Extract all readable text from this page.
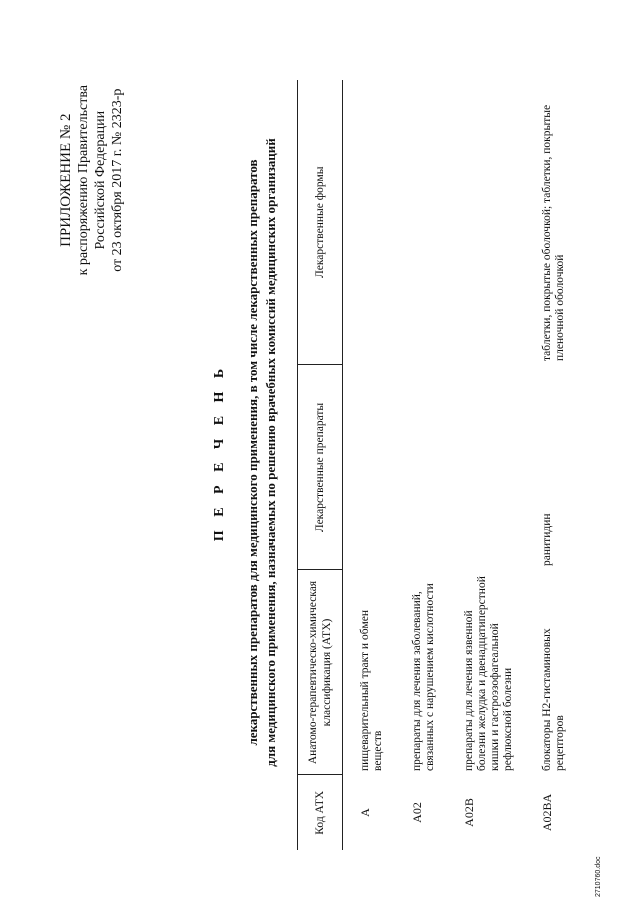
ПРИЛОЖЕНИЕ № 2 к распоряжению Правительства Российской Федерации от 23 октября 2017 г. № 2323-р
П Е Р Е Ч Е Н Ь лекарственных препаратов для медицинского применения, в том числе лекарственных препаратов для медицинского применения, назначаемых по решению врачебных комиссий медицинских организаций
Код АТХ	Анатомо-терапевтическо-химическая классификация (АТХ)	Лекарственные препараты	Лекарственные формы
A	пищеварительный тракт и обмен веществ		
A02	препараты для лечения заболеваний, связанных с нарушением кислотности		
A02B	препараты для лечения язвенной болезни желудка и двенадцатиперстной кишки и гастроэзофагеальной рефлюксной болезни		
A02BA	блокаторы H2-гистаминовых рецепторов	ранитидин	таблетки, покрытые оболочкой; таблетки, покрытые пленочной оболочкой
2710760.doc
